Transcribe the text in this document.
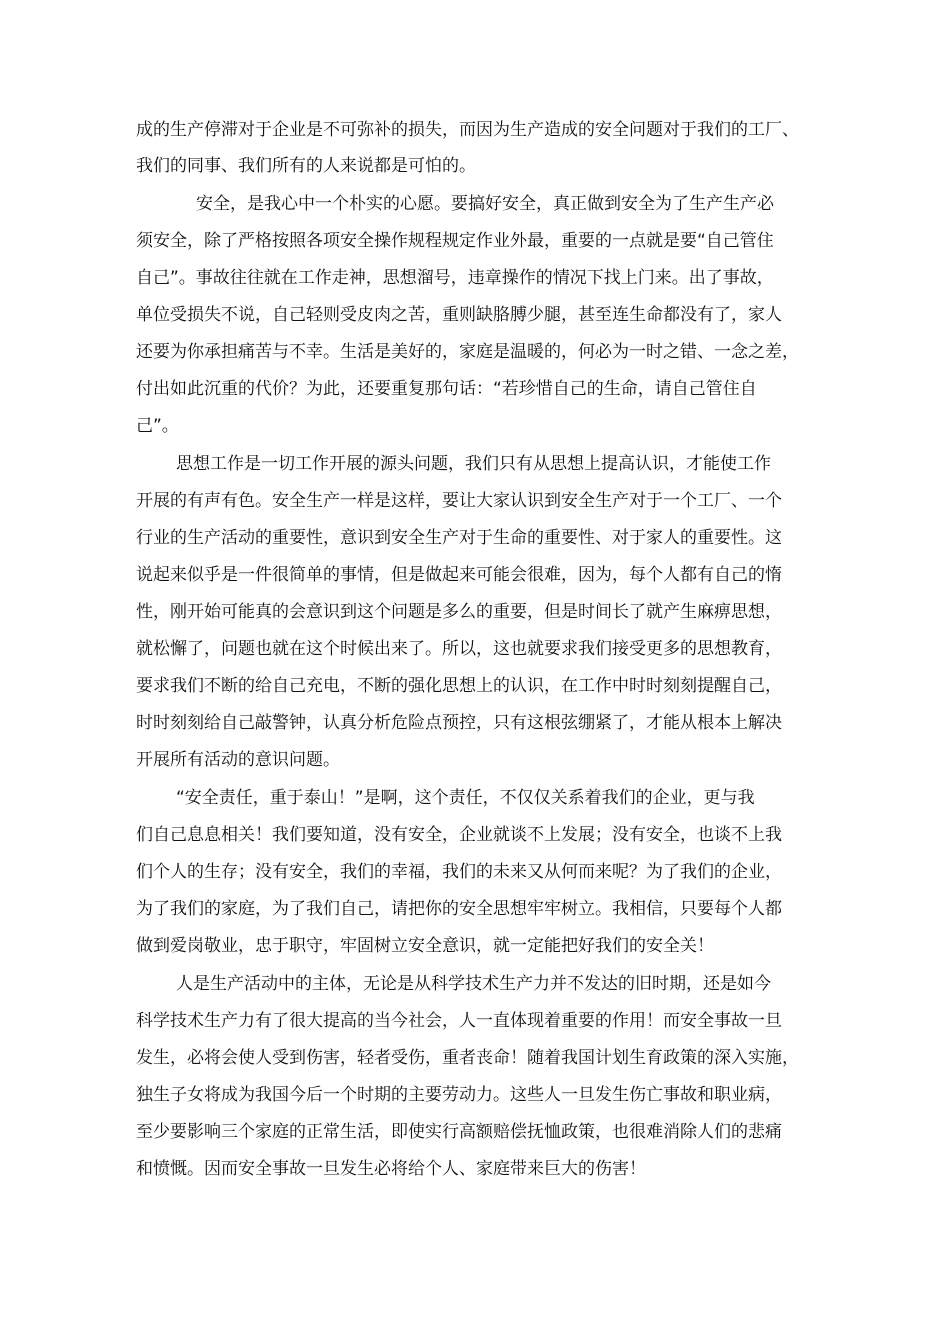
成的生产停滞对于企业是不可弥补的损失，而因为生产造成的安全问题对于我们的工厂、
我们的同事、我们所有的人来说都是可怕的。
安全，是我心中一个朴实的心愿。要搞好安全，真正做到安全为了生产生产必
须安全，除了严格按照各项安全操作规程规定作业外最，重要的一点就是要“自己管住
自己”。事故往往就在工作走神，思想溜号，违章操作的情况下找上门来。出了事故，
单位受损失不说，自己轻则受皮肉之苦，重则缺胳膊少腿，甚至连生命都没有了，家人
还要为你承担痛苦与不幸。生活是美好的，家庭是温暖的，何必为一时之错、一念之差，
付出如此沉重的代价？为此，还要重复那句话：“若珍惜自己的生命，请自己管住自
己”。
思想工作是一切工作开展的源头问题，我们只有从思想上提高认识，才能使工作
开展的有声有色。安全生产一样是这样，要让大家认识到安全生产对于一个工厂、一个
行业的生产活动的重要性，意识到安全生产对于生命的重要性、对于家人的重要性。这
说起来似乎是一件很简单的事情，但是做起来可能会很难，因为，每个人都有自己的惰
性，刚开始可能真的会意识到这个问题是多么的重要，但是时间长了就产生麻痹思想，
就松懈了，问题也就在这个时候出来了。所以，这也就要求我们接受更多的思想教育，
要求我们不断的给自己充电，不断的强化思想上的认识，在工作中时时刻刻提醒自己，
时时刻刻给自己敲警钟，认真分析危险点预控，只有这根弦绷紧了，才能从根本上解决
开展所有活动的意识问题。
“安全责任，重于泰山！”是啊，这个责任，不仅仅关系着我们的企业，更与我
们自己息息相关！我们要知道，没有安全，企业就谈不上发展；没有安全，也谈不上我
们个人的生存；没有安全，我们的幸福，我们的未来又从何而来呢？为了我们的企业，
为了我们的家庭，为了我们自己，请把你的安全思想牢牢树立。我相信，只要每个人都
做到爱岗敬业，忠于职守，牢固树立安全意识，就一定能把好我们的安全关！
人是生产活动中的主体，无论是从科学技术生产力并不发达的旧时期，还是如今
科学技术生产力有了很大提高的当今社会，人一直体现着重要的作用！而安全事故一旦
发生，必将会使人受到伤害，轻者受伤，重者丧命！随着我国计划生育政策的深入实施，
独生子女将成为我国今后一个时期的主要劳动力。这些人一旦发生伤亡事故和职业病，
至少要影响三个家庭的正常生活，即使实行高额赔偿抚恤政策，也很难消除人们的悲痛
和愤慨。因而安全事故一旦发生必将给个人、家庭带来巨大的伤害！
